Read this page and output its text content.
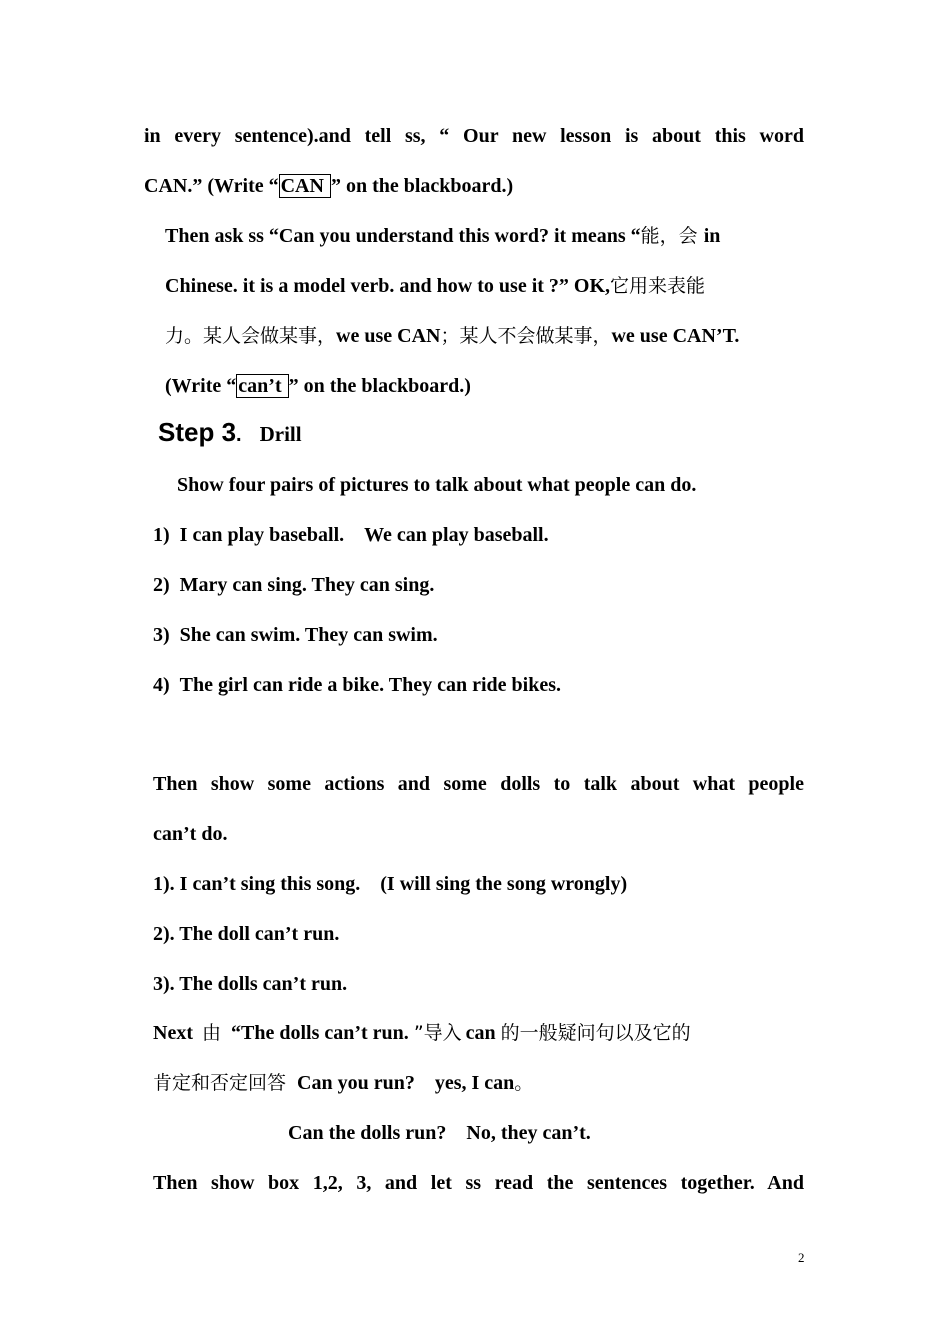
in every sentence).and tell ss, “ Our new lesson is about this word
CAN.” (Write “ CAN ” on the blackboard.)
Then ask ss “Can you understand this word? it means “能，会 in
Chinese. it is a model verb. and how to use it ?” OK,它用来表能
力。某人会做某事，we use CAN；某人不会做某事，we use CAN’T.
(Write “ can’t ” on the blackboard.)
Step 3. Drill
Show four pairs of pictures to talk about what people can do.
1)  I can play baseball.    We can play baseball.
2)  Mary can sing. They can sing.
3)  She can swim. They can swim.
4)  The girl can ride a bike. They can ride bikes.
Then show some actions and some dolls to talk about what people
can’t do.
1). I can’t sing this song.    (I will sing the song wrongly)
2). The doll can’t run.
3). The dolls can’t run.
Next 由 “The dolls can’t run. ”导入 can 的一般疑问句以及它的
肯定和否定回答 Can you run?    yes, I can。
Can the dolls run?    No, they can’t.
Then show box 1,2, 3, and let ss read the sentences together. And
2
